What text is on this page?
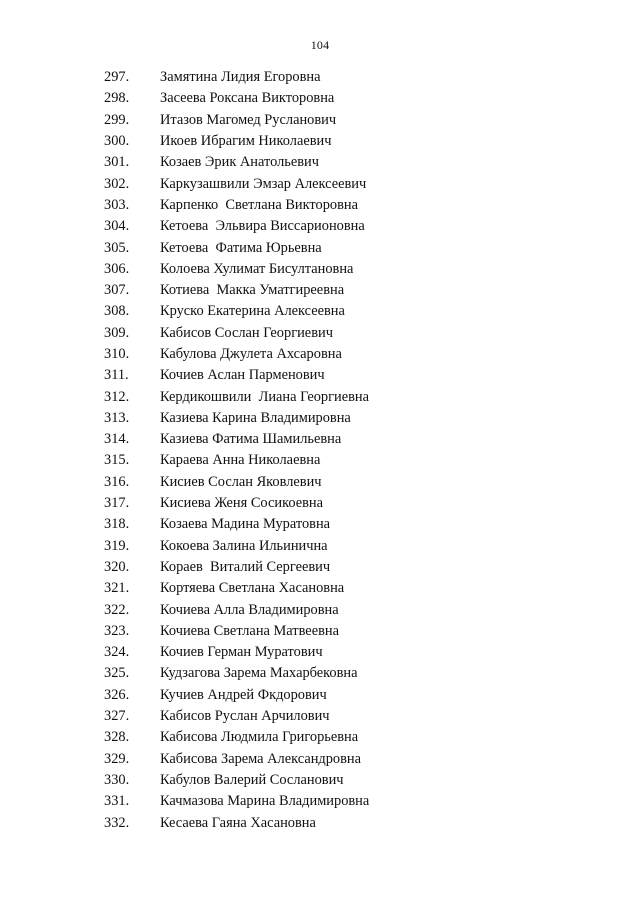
104
297.	Замятина Лидия Егоровна
298.	Засеева Роксана Викторовна
299.	Итазов Магомед Русланович
300.	Икоев Ибрагим Николаевич
301.	Козаев Эрик Анатольевич
302.	Каркузашвили Эмзар Алексеевич
303.	Карпенко  Светлана Викторовна
304.	Кетоева  Эльвира Виссарионовна
305.	Кетоева  Фатима Юрьевна
306.	Колоева Хулимат Бисултановна
307.	Котиева  Макка Уматгиреевна
308.	Круско Екатерина Алексеевна
309.	Кабисов Сослан Георгиевич
310.	Кабулова Джулета Ахсаровна
311.	Кочиев Аслан Парменович
312.	Кердикошвили  Лиана Георгиевна
313.	Казиева Карина Владимировна
314.	Казиева Фатима Шамильевна
315.	Караева Анна Николаевна
316.	Кисиев Сослан Яковлевич
317.	Кисиева Женя Сосикоевна
318.	Козаева Мадина Муратовна
319.	Кокоева Залина Ильинична
320.	Кораев  Виталий Сергеевич
321.	Кортяева Светлана Хасановна
322.	Кочиева Алла Владимировна
323.	Кочиева Светлана Матвеевна
324.	Кочиев Герман Муратович
325.	Кудзагова Зарема Махарбековна
326.	Кучиев Андрей Фкдорович
327.	Кабисов Руслан Арчилович
328.	Кабисова Людмила Григорьевна
329.	Кабисова Зарема Александровна
330.	Кабулов Валерий Сосланович
331.	Качмазова Марина Владимировна
332.	Кесаева Гаяна Хасановна
